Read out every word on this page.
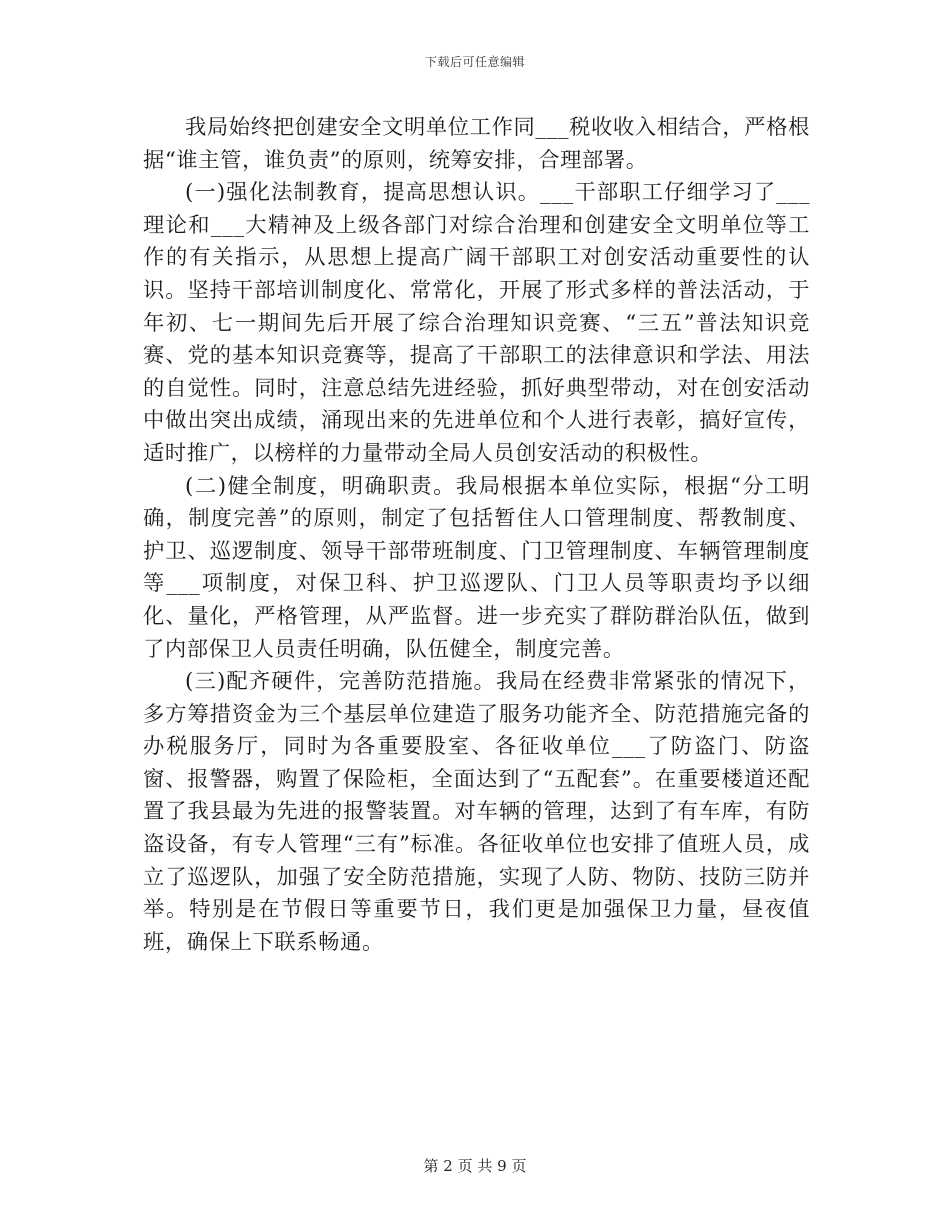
下载后可任意编辑

我局始终把创建安全文明单位工作同___税收收入相结合，严格根据“谁主管，谁负责”的原则，统筹安排，合理部署。

(一)强化法制教育，提高思想认识。___干部职工仔细学习了___理论和___大精神及上级各部门对综合治理和创建安全文明单位等工作的有关指示，从思想上提高广阔干部职工对创安活动重要性的认识。坚持干部培训制度化、常常化，开展了形式多样的普法活动，于年初、七一期间先后开展了综合治理知识竞赛、“三五”普法知识竞赛、党的基本知识竞赛等，提高了干部职工的法律意识和学法、用法的自觉性。同时，注意总结先进经验，抓好典型带动，对在创安活动中做出突出成绩，涌现出来的先进单位和个人进行表彰，搞好宣传，适时推广，以榜样的力量带动全局人员创安活动的积极性。

(二)健全制度，明确职责。我局根据本单位实际，根据“分工明确，制度完善”的原则，制定了包括暂住人口管理制度、帮教制度、护卫、巡逻制度、领导干部带班制度、门卫管理制度、车辆管理制度等___项制度，对保卫科、护卫巡逻队、门卫人员等职责均予以细化、量化，严格管理，从严监督。进一步充实了群防群治队伍，做到了内部保卫人员责任明确，队伍健全，制度完善。

(三)配齐硬件，完善防范措施。我局在经费非常紧张的情况下，多方筹措资金为三个基层单位建造了服务功能齐全、防范措施完备的办税服务厅，同时为各重要股室、各征收单位___了防盗门、防盗窗、报警器，购置了保险柜，全面达到了“五配套”。在重要楼道还配置了我县最为先进的报警装置。对车辆的管理，达到了有车库，有防盗设备，有专人管理“三有”标准。各征收单位也安排了值班人员，成立了巡逻队，加强了安全防范措施，实现了人防、物防、技防三防并举。特别是在节假日等重要节日，我们更是加强保卫力量，昼夜值班，确保上下联系畅通。

第 2 页 共 9 页
